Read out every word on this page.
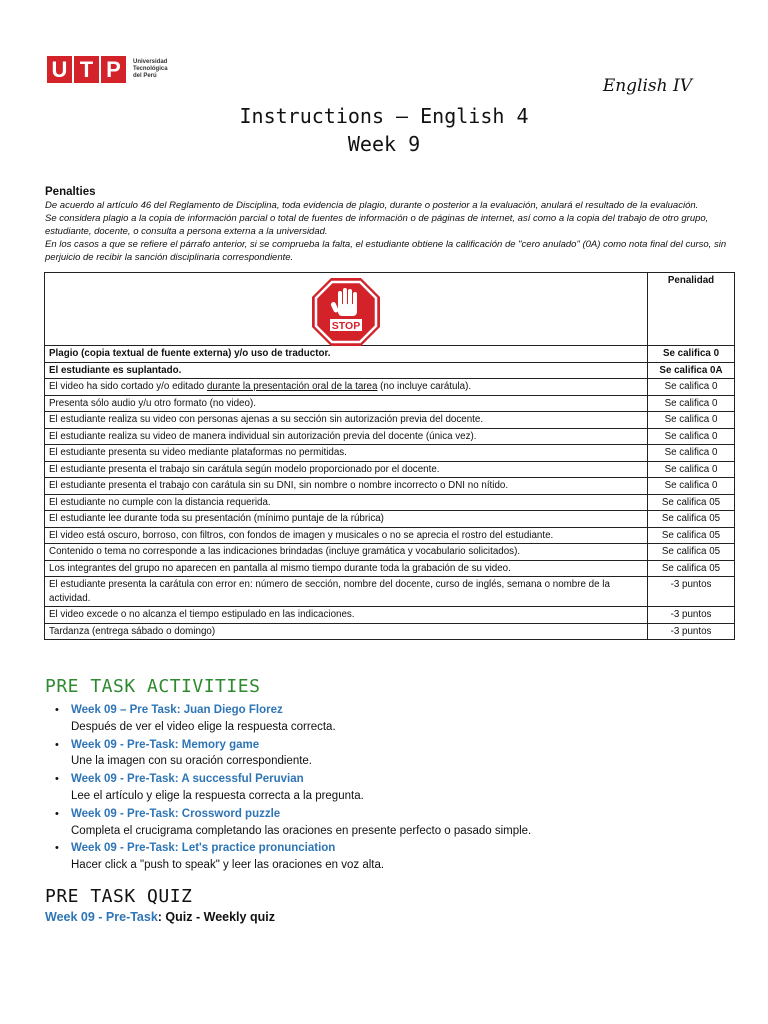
U T P	Universidad
Tecnológica
del Perú	English IV
Instructions – English 4
Week 9
Penalties
De acuerdo al artículo 46 del Reglamento de Disciplina, toda evidencia de plagio, durante o posterior a la evaluación, anulará el resultado de la evaluación.
Se considera plagio a la copia de información parcial o total de fuentes de información o de páginas de internet, así como a la copia del trabajo de otro grupo, estudiante, docente, o consulta a persona externa a la universidad.
En los casos a que se refiere el párrafo anterior, si se comprueba la falta, el estudiante obtiene la calificación de "cero anulado" (0A) como nota final del curso, sin perjuicio de recibir la sanción disciplinaria correspondiente.
STOP	Penalidad
Plagio (copia textual de fuente externa) y/o uso de traductor.	Se califica 0
El estudiante es suplantado.	Se califica 0A
El video ha sido cortado y/o editado durante la presentación oral de la tarea (no incluye carátula).	Se califica 0
Presenta sólo audio y/u otro formato (no video).	Se califica 0
El estudiante realiza su video con personas ajenas a su sección sin autorización previa del docente.	Se califica 0
El estudiante realiza su video de manera individual sin autorización previa del docente (única vez).	Se califica 0
El estudiante presenta su video mediante plataformas no permitidas.	Se califica 0
El estudiante presenta el trabajo sin carátula según modelo proporcionado por el docente.	Se califica 0
El estudiante presenta el trabajo con carátula sin su DNI, sin nombre o nombre incorrecto o DNI no nítido.	Se califica 0
El estudiante no cumple con la distancia requerida.	Se califica 05
El estudiante lee durante toda su presentación (mínimo puntaje de la rúbrica)	Se califica 05
El video está oscuro, borroso, con filtros, con fondos de imagen y musicales o no se aprecia el rostro del estudiante.	Se califica 05
Contenido o tema no corresponde a las indicaciones brindadas (incluye gramática y vocabulario solicitados).	Se califica 05
Los integrantes del grupo no aparecen en pantalla al mismo tiempo durante toda la grabación de su video.	Se califica 05
El estudiante presenta la carátula con error en: número de sección, nombre del docente, curso de inglés, semana o nombre de la actividad.	-3 puntos
El video excede o no alcanza el tiempo estipulado en las indicaciones.	-3 puntos
Tardanza (entrega sábado o domingo)	-3 puntos
PRE TASK ACTIVITIES
• Week 09 – Pre Task: Juan Diego Florez
Después de ver el video elige la respuesta correcta.
• Week 09 - Pre-Task: Memory game
Une la imagen con su oración correspondiente.
• Week 09 - Pre-Task: A successful Peruvian
Lee el artículo y elige la respuesta correcta a la pregunta.
• Week 09 - Pre-Task: Crossword puzzle
Completa el crucigrama completando las oraciones en presente perfecto o pasado simple.
• Week 09 - Pre-Task: Let's practice pronunciation
Hacer click a "push to speak" y leer las oraciones en voz alta.
PRE TASK QUIZ
Week 09 - Pre-Task: Quiz - Weekly quiz
